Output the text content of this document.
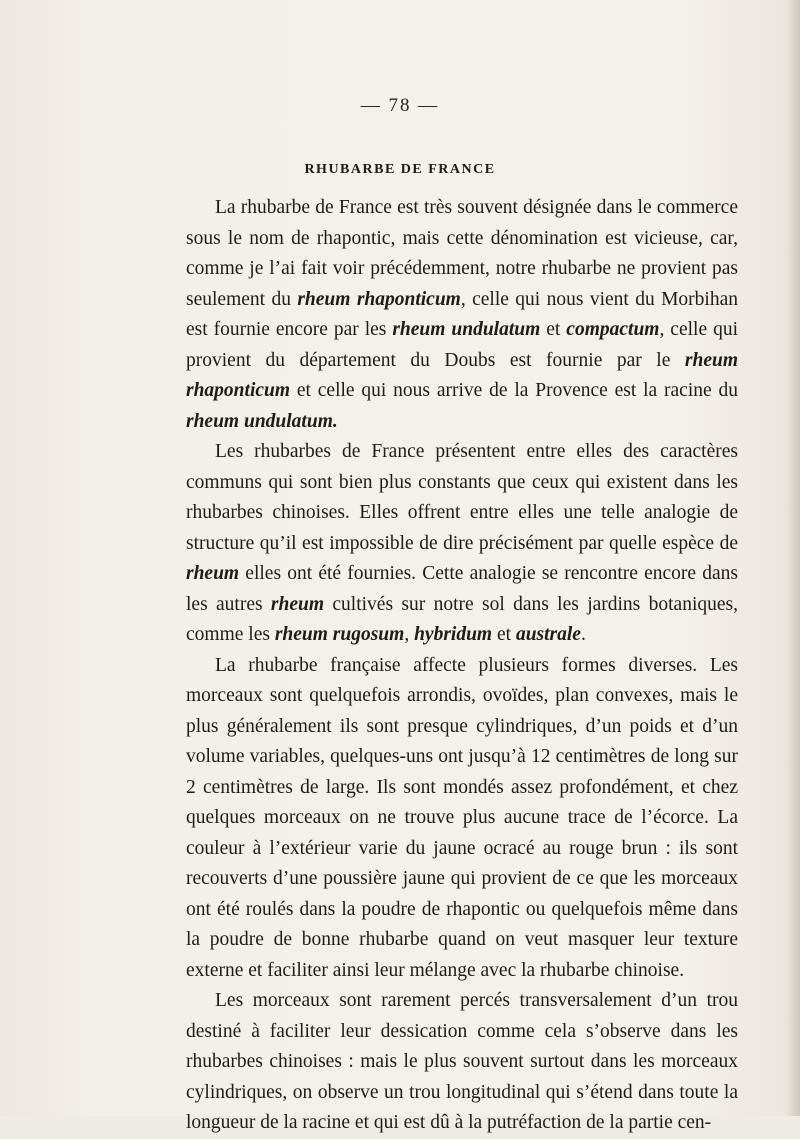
— 78 —
RHUBARBE DE FRANCE

La rhubarbe de France est très souvent désignée dans le commerce sous le nom de rhapontic, mais cette dénomination est vicieuse, car, comme je l’ai fait voir précédemment, notre rhubarbe ne provient pas seulement du rheum rhaponticum, celle qui nous vient du Morbihan est fournie encore par les rheum undulatum et compactum, celle qui provient du département du Doubs est fournie par le rheum rhaponticum et celle qui nous arrive de la Provence est la racine du rheum undulatum.

Les rhubarbes de France présentent entre elles des caractères communs qui sont bien plus constants que ceux qui existent dans les rhubarbes chinoises. Elles offrent entre elles une telle analogie de structure qu’il est impossible de dire précisément par quelle espèce de rheum elles ont été fournies. Cette analogie se rencontre encore dans les autres rheum cultivés sur notre sol dans les jardins botaniques, comme les rheum rugosum, hybridum et australe.

La rhubarbe française affecte plusieurs formes diverses. Les morceaux sont quelquefois arrondis, ovoïdes, plan convexes, mais le plus généralement ils sont presque cylindriques, d’un poids et d’un volume variables, quelques-uns ont jusqu’à 12 centimètres de long sur 2 centimètres de large. Ils sont mondés assez profondément, et chez quelques morceaux on ne trouve plus aucune trace de l’écorce. La couleur à l’extérieur varie du jaune ocracé au rouge brun : ils sont recouverts d’une poussière jaune qui provient de ce que les morceaux ont été roulés dans la poudre de rhapontic ou quelquefois même dans la poudre de bonne rhubarbe quand on veut masquer leur texture externe et faciliter ainsi leur mélange avec la rhubarbe chinoise.

Les morceaux sont rarement percés transversalement d’un trou destiné à faciliter leur dessication comme cela s’observe dans les rhubarbes chinoises : mais le plus souvent surtout dans les morceaux cylindriques, on observe un trou longitudinal qui s’étend dans toute la longueur de la racine et qui est dû à la putréfaction de la partie cen-
